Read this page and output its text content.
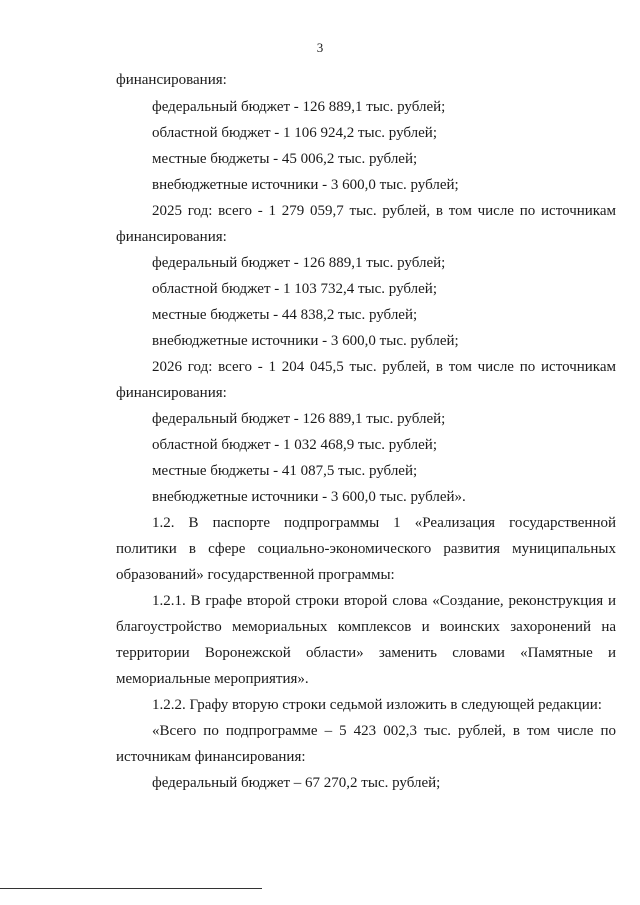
3
финансирования:
федеральный бюджет - 126 889,1 тыс. рублей;
областной бюджет - 1 106 924,2 тыс. рублей;
местные бюджеты - 45 006,2 тыс. рублей;
внебюджетные источники - 3 600,0 тыс. рублей;
2025 год: всего - 1 279 059,7 тыс. рублей, в том числе по источникам
финансирования:
федеральный бюджет - 126 889,1 тыс. рублей;
областной бюджет - 1 103 732,4 тыс. рублей;
местные бюджеты - 44 838,2 тыс. рублей;
внебюджетные источники - 3 600,0 тыс. рублей;
2026 год: всего - 1 204 045,5 тыс. рублей, в том числе по источникам
финансирования:
федеральный бюджет - 126 889,1 тыс. рублей;
областной бюджет - 1 032 468,9 тыс. рублей;
местные бюджеты - 41 087,5 тыс. рублей;
внебюджетные источники - 3 600,0 тыс. рублей».
1.2. В паспорте подпрограммы 1 «Реализация государственной
политики в сфере социально-экономического развития муниципальных
образований» государственной программы:
1.2.1. В графе второй строки второй слова «Создание, реконструкция и
благоустройство мемориальных комплексов и воинских захоронений на
территории Воронежской области» заменить словами «Памятные и
мемориальные мероприятия».
1.2.2. Графу вторую строки седьмой изложить в следующей редакции:
«Всего по подпрограмме – 5 423 002,3 тыс. рублей, в том числе по
источникам финансирования:
федеральный бюджет – 67 270,2 тыс. рублей;
